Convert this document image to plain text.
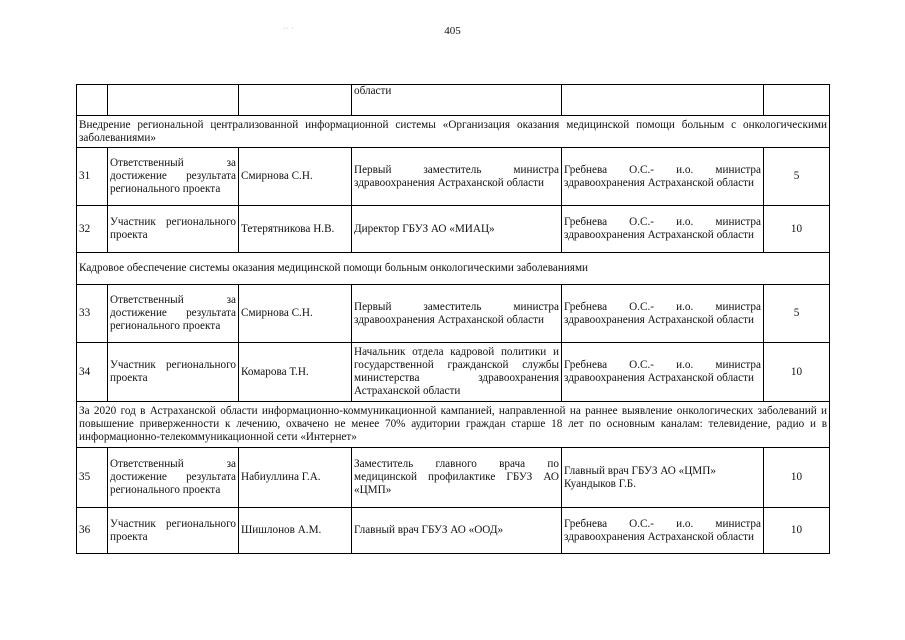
405
·· ·
			области		
Внедрение региональной централизованной информационной системы «Организация оказания медицинской помощи больным с онкологическими заболеваниями»					
31	Ответственный за достижение результата регионального проекта	Смирнова С.Н.	Первый заместитель министра здравоохранения Астраханской области	Гребнева О.С.- и.о. министра здравоохранения Астраханской области	5
32	Участник регионального проекта	Тетерятникова Н.В.	Директор ГБУЗ АО «МИАЦ»	Гребнева О.С.- и.о. министра здравоохранения Астраханской области	10
Кадровое обеспечение системы оказания медицинской помощи больным онкологическими заболеваниями					
33	Ответственный за достижение результата регионального проекта	Смирнова С.Н.	Первый заместитель министра здравоохранения Астраханской области	Гребнева О.С.- и.о. министра здравоохранения Астраханской области	5
34	Участник регионального проекта	Комарова Т.Н.	Начальник отдела кадровой политики и государственной гражданской службы министерства здравоохранения Астраханской области	Гребнева О.С.- и.о. министра здравоохранения Астраханской области	10
За 2020 год в Астраханской области информационно-коммуникационной кампанией, направленной на раннее выявление онкологических заболеваний и повышение приверженности к лечению, охвачено не менее 70% аудитории граждан старше 18 лет по основным каналам: телевидение, радио и в информационно-телекоммуникационной сети «Интернет»					
35	Ответственный за достижение результата регионального проекта	Набиуллина Г.А.	Заместитель главного врача по медицинской профилактике ГБУЗ АО «ЦМП»	Главный врач ГБУЗ АО «ЦМП» Куандыков Г.Б.	10
36	Участник регионального проекта	Шишлонов А.М.	Главный врач ГБУЗ АО «ООД»	Гребнева О.С.- и.о. министра здравоохранения Астраханской области	10
